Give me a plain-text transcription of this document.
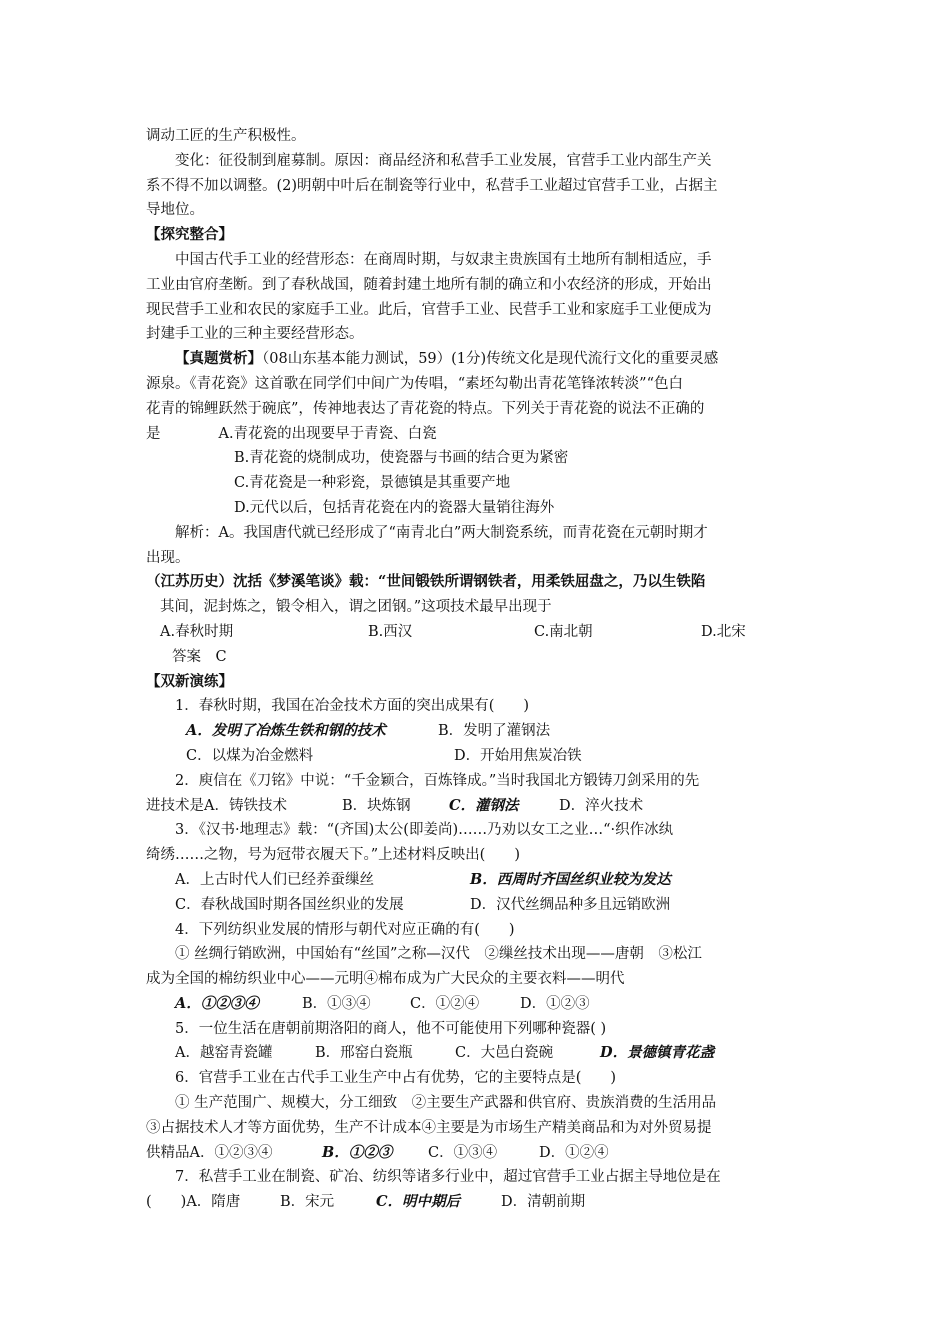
调动工匠的生产积极性。
变化：征役制到雇募制。原因：商品经济和私营手工业发展，官营手工业内部生产关
系不得不加以调整。(2)明朝中叶后在制瓷等行业中，私营手工业超过官营手工业，占据主
导地位。
【探究整合】
中国古代手工业的经营形态：在商周时期，与奴隶主贵族国有土地所有制相适应，手
工业由官府垄断。到了春秋战国，随着封建土地所有制的确立和小农经济的形成，开始出
现民营手工业和农民的家庭手工业。此后，官营手工业、民营手工业和家庭手工业便成为
封建手工业的三种主要经营形态。
【真题赏析】（08山东基本能力测试，59）(1分)传统文化是现代流行文化的重要灵感
源泉。《青花瓷》这首歌在同学们中间广为传唱，“素坯勾勒出青花笔锋浓转淡”“色白
花青的锦鲤跃然于碗底”，传神地表达了青花瓷的特点。下列关于青花瓷的说法不正确的
是	A.青花瓷的出现要早于青瓷、白瓷
B.青花瓷的烧制成功，使瓷器与书画的结合更为紧密
C.青花瓷是一种彩瓷，景德镇是其重要产地
D.元代以后，包括青花瓷在内的瓷器大量销往海外
解析：A。我国唐代就已经形成了“南青北白”两大制瓷系统，而青花瓷在元朝时期才
出现。
（江苏历史）沈括《梦溪笔谈》载：“世间锻铁所谓钢铁者，用柔铁屈盘之，乃以生铁陷
其间，泥封炼之，锻令相入，谓之团钢。”这项技术最早出现于
A.春秋时期	B.西汉	C.南北朝	D.北宋
答案　C
【双新演练】
1．春秋时期，我国在冶金技术方面的突出成果有(　　)
A．发明了冶炼生铁和钢的技术	B．发明了灌钢法
C．以煤为冶金燃料	D．开始用焦炭冶铁
2．庾信在《刀铭》中说：“千金颖合，百炼锋成。”当时我国北方锻铸刀剑采用的先
进技术是A．铸铁技术	B．块炼钢	C．灌钢法	D．淬火技术
3．《汉书·地理志》载：“(齐国)太公(即姜尚)……乃劝以女工之业…“·织作冰纨
绮绣……之物，号为冠带衣履天下。”上述材料反映出(　　)
A．上古时代人们已经养蚕缫丝	B．西周时齐国丝织业较为发达
C．春秋战国时期各国丝织业的发展	D．汉代丝绸品种多且远销欧洲
4．下列纺织业发展的情形与朝代对应正确的有(　　)
① 丝绸行销欧洲，中国始有“丝国”之称—汉代　②缫丝技术出现——唐朝　③松江
成为全国的棉纺织业中心——元明④棉布成为广大民众的主要衣料——明代
A．①②③④	B．①③④	C．①②④	D．①②③
5．一位生活在唐朝前期洛阳的商人，他不可能使用下列哪种瓷器( )
A．越窑青瓷罐	B．邢窑白瓷瓶	C．大邑白瓷碗	D．景德镇青花盏
6．官营手工业在古代手工业生产中占有优势，它的主要特点是(　　)
① 生产范围广、规模大，分工细致　②主要生产武器和供官府、贵族消费的生活用品
③占据技术人才等方面优势，生产不计成本④主要是为市场生产精美商品和为对外贸易提
供精品A．①②③④	B．①②③ C．①③④	D．①②④
7．私营手工业在制瓷、矿冶、纺织等诸多行业中，超过官营手工业占据主导地位是在
(　　)A．隋唐	B．宋元	C．明中期后	D．清朝前期
